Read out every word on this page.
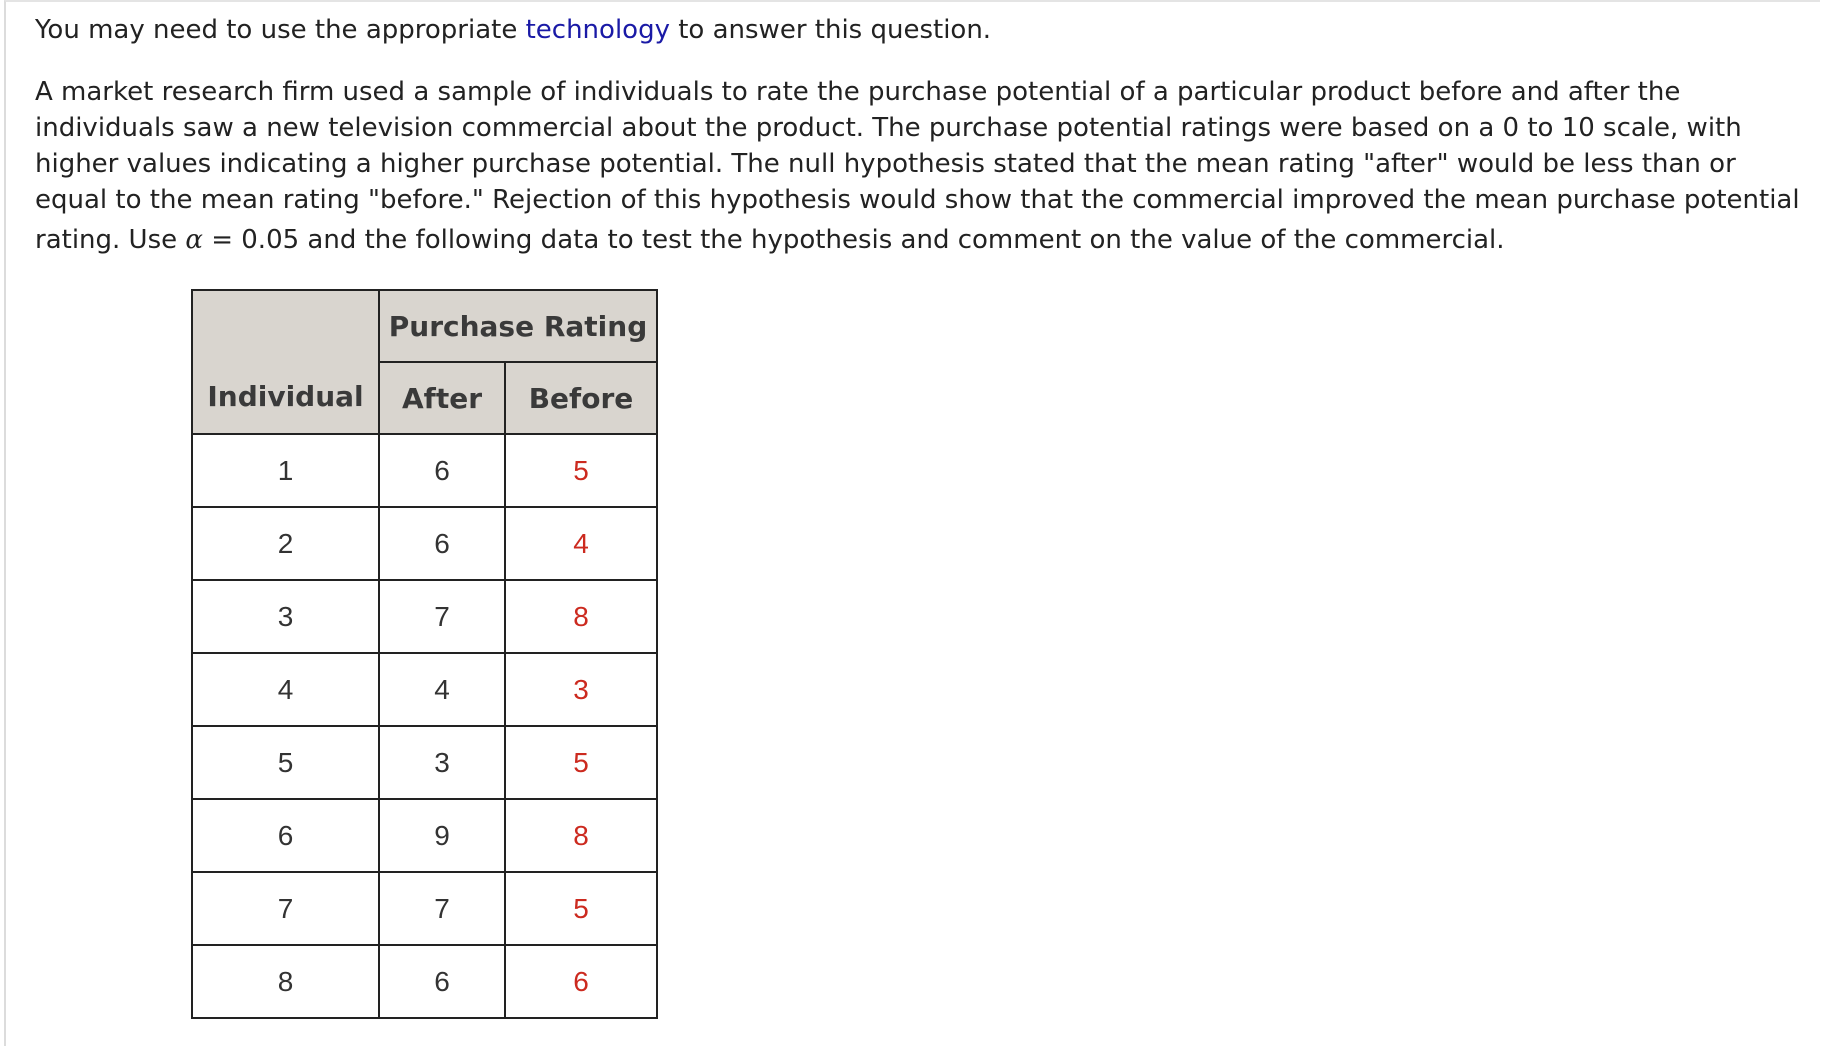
You may need to use the appropriate technology to answer this question.
A market research firm used a sample of individuals to rate the purchase potential of a particular product before and after the
individuals saw a new television commercial about the product. The purchase potential ratings were based on a 0 to 10 scale, with
higher values indicating a higher purchase potential. The null hypothesis stated that the mean rating "after" would be less than or
equal to the mean rating "before." Rejection of this hypothesis would show that the commercial improved the mean purchase potential
rating. Use α = 0.05 and the following data to test the hypothesis and comment on the value of the commercial.
Individual	Purchase Rating	
	After	Before
1	6	5
2	6	4
3	7	8
4	4	3
5	3	5
6	9	8
7	7	5
8	6	6
